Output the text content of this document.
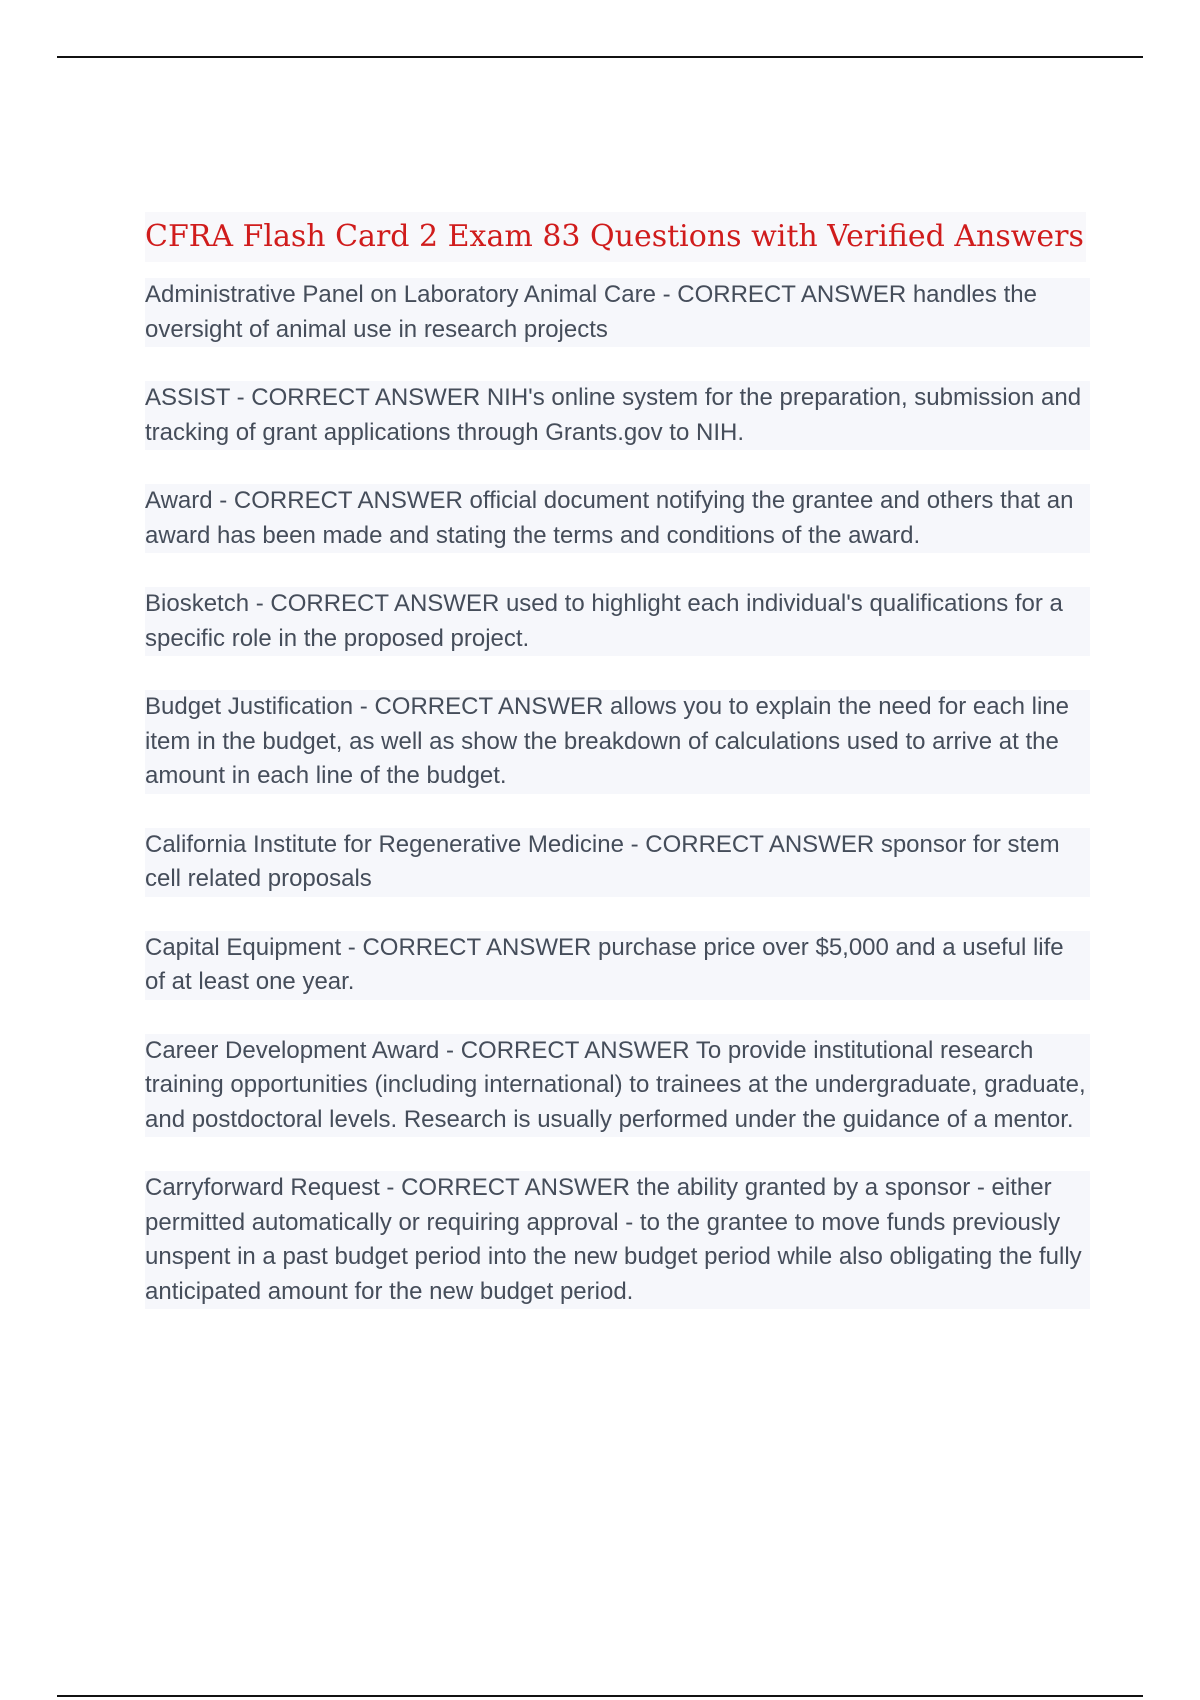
CFRA Flash Card 2 Exam 83 Questions with Verified Answers

Administrative Panel on Laboratory Animal Care - CORRECT ANSWER handles the oversight of animal use in research projects

ASSIST - CORRECT ANSWER NIH's online system for the preparation, submission and tracking of grant applications through Grants.gov to NIH.

Award - CORRECT ANSWER official document notifying the grantee and others that an award has been made and stating the terms and conditions of the award.

Biosketch - CORRECT ANSWER used to highlight each individual's qualifications for a specific role in the proposed project.

Budget Justification - CORRECT ANSWER allows you to explain the need for each line item in the budget, as well as show the breakdown of calculations used to arrive at the amount in each line of the budget.

California Institute for Regenerative Medicine - CORRECT ANSWER sponsor for stem cell related proposals

Capital Equipment - CORRECT ANSWER purchase price over $5,000 and a useful life of at least one year.

Career Development Award - CORRECT ANSWER To provide institutional research training opportunities (including international) to trainees at the undergraduate, graduate, and postdoctoral levels. Research is usually performed under the guidance of a mentor.

Carryforward Request - CORRECT ANSWER the ability granted by a sponsor - either permitted automatically or requiring approval - to the grantee to move funds previously unspent in a past budget period into the new budget period while also obligating the fully anticipated amount for the new budget period.
